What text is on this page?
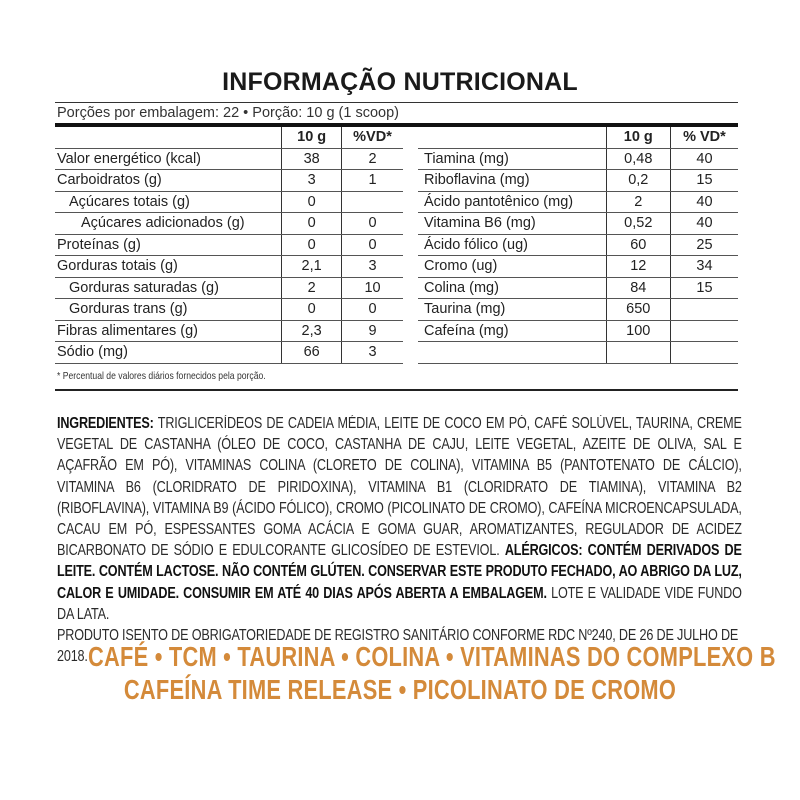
INFORMAÇÃO NUTRICIONAL
Porções por embalagem: 22 • Porção: 10 g (1 scoop)
	10 g	%VD*
Valor energético (kcal)	38	2
Carboidratos (g)	3	1
Açúcares totais (g)	0	
Açúcares adicionados (g)	0	0
Proteínas (g)	0	0
Gorduras totais (g)	2,1	3
Gorduras saturadas (g)	2	10
Gorduras trans (g)	0	0
Fibras alimentares (g)	2,3	9
Sódio (mg)	66	3
	10 g	% VD*
Tiamina (mg)	0,48	40
Riboflavina (mg)	0,2	15
Ácido pantotênico (mg)	2	40
Vitamina B6 (mg)	0,52	40
Ácido fólico (ug)	60	25
Cromo (ug)	12	34
Colina (mg)	84	15
Taurina (mg)	650	
Cafeína (mg)	100	

* Percentual de valores diários fornecidos pela porção.
INGREDIENTES: TRIGLICERÍDEOS DE CADEIA MÉDIA, LEITE DE COCO EM PÓ, CAFÉ SOLÚVEL, TAURINA, CREME VEGETAL DE CASTANHA (ÓLEO DE COCO, CASTANHA DE CAJU, LEITE VEGETAL, AZEITE DE OLIVA, SAL E AÇAFRÃO EM PÓ), VITAMINAS COLINA (CLORETO DE COLINA), VITAMINA B5 (PANTOTENATO DE CÁLCIO), VITAMINA B6 (CLORIDRATO DE PIRIDOXINA), VITAMINA B1 (CLORIDRATO DE TIAMINA), VITAMINA B2 (RIBOFLAVINA), VITAMINA B9 (ÁCIDO FÓLICO), CROMO (PICOLINATO DE CROMO), CAFEÍNA MICROENCAPSULADA, CACAU EM PÓ, ESPESSANTES GOMA ACÁCIA E GOMA GUAR, AROMATIZANTES, REGULADOR DE ACIDEZ BICARBONATO DE SÓDIO E EDULCORANTE GLICOSÍDEO DE ESTEVIOL. ALÉRGICOS: CONTÉM DERIVADOS DE LEITE. CONTÉM LACTOSE. NÃO CONTÉM GLÚTEN. CONSERVAR ESTE PRODUTO FECHADO, AO ABRIGO DA LUZ, CALOR E UMIDADE. CONSUMIR EM ATÉ 40 DIAS APÓS ABERTA A EMBALAGEM. LOTE E VALIDADE VIDE FUNDO DA LATA.
PRODUTO ISENTO DE OBRIGATORIEDADE DE REGISTRO SANITÁRIO CONFORME RDC Nº240, DE 26 DE JULHO DE 2018. CAFÉ • TCM • TAURINA • COLINA • VITAMINAS DO COMPLEXO B
CAFEÍNA TIME RELEASE • PICOLINATO DE CROMO
